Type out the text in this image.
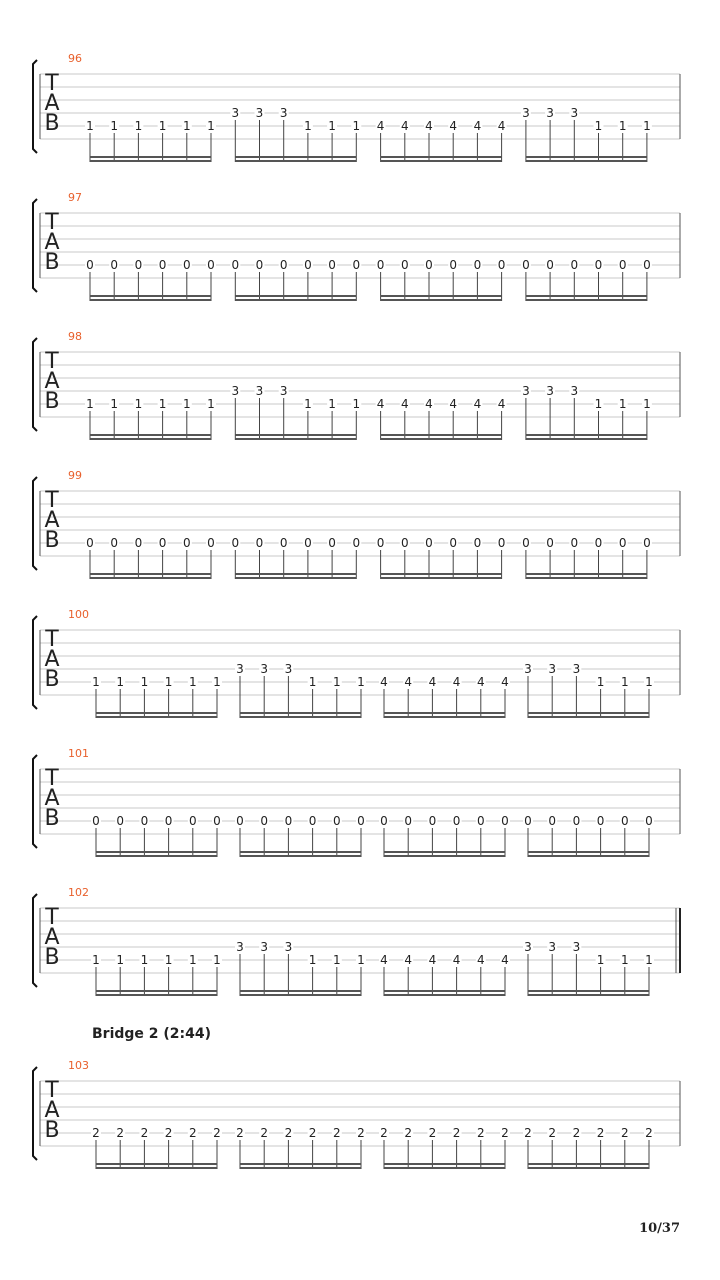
T
A
B
96
1 1 1 1 1 1
3 3 3
1 1 1 4 4 4 4 4 4
3 3 3
1 1 1
T
A
B
97
0 0 0 0 0 0 0 0 0 0 0 0 0 0 0 0 0 0 0 0 0 0 0 0
T
A
B
98
1 1 1 1 1 1
3 3 3
1 1 1 4 4 4 4 4 4
3 3 3
1 1 1
T
A
B
99
0 0 0 0 0 0 0 0 0 0 0 0 0 0 0 0 0 0 0 0 0 0 0 0
T
A
B
100
1 1 1 1 1 1
3 3 3
1 1 1 4 4 4 4 4 4
3 3 3
1 1 1
T
A
B
101
0 0 0 0 0 0 0 0 0 0 0 0 0 0 0 0 0 0 0 0 0 0 0 0
T
A
B
102
1 1 1 1 1 1
3 3 3
1 1 1 4 4 4 4 4 4
3 3 3
1 1 1
T
A
B
103
2 2 2 2 2 2 2 2 2 2 2 2 2 2 2 2 2 2 2 2 2 2 2 2
Bridge 2 (2:44)
10/37
